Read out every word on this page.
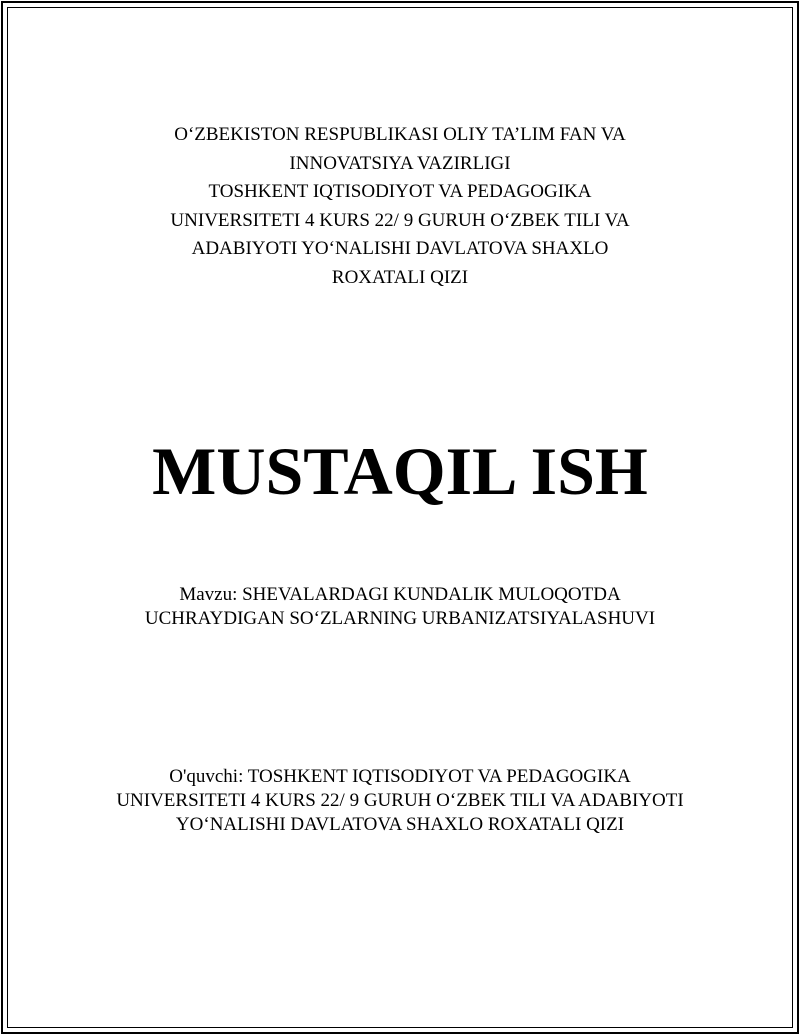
O‘ZBEKISTON RESPUBLIKASI OLIY TA’LIM FAN VA
INNOVATSIYA VAZIRLIGI
TOSHKENT IQTISODIYOT VA PEDAGOGIKA
UNIVERSITETI 4 KURS 22/ 9 GURUH O‘ZBEK TILI VA
ADABIYOTI YO‘NALISHI DAVLATOVA SHAXLO
ROXATALI QIZI
MUSTAQIL ISH
Mavzu: SHEVALARDAGI KUNDALIK MULOQOTDA
UCHRAYDIGAN SO‘ZLARNING URBANIZATSIYALASHUVI
O'quvchi: TOSHKENT IQTISODIYOT VA PEDAGOGIKA
UNIVERSITETI 4 KURS 22/ 9 GURUH O‘ZBEK TILI VA ADABIYOTI
YO‘NALISHI DAVLATOVA SHAXLO ROXATALI QIZI
